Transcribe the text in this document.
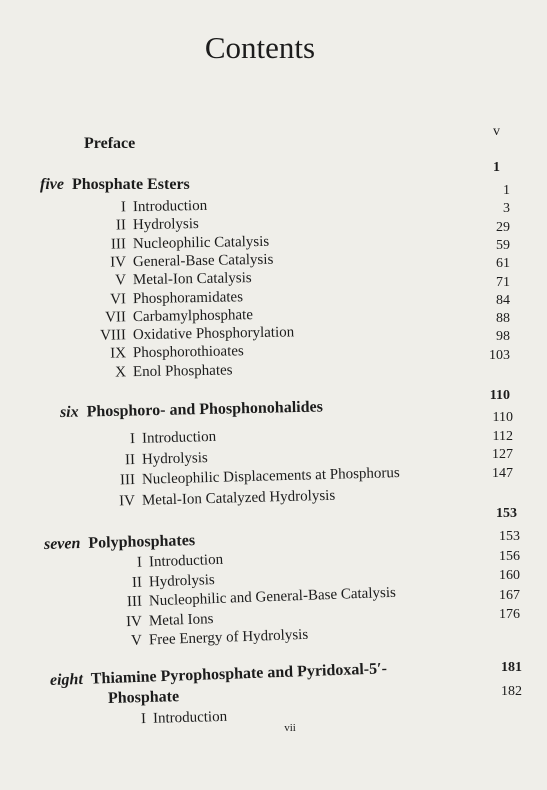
Contents
Preface
v
1
five Phosphate Esters
I Introduction
1
II Hydrolysis
3
III Nucleophilic Catalysis
29
IV General-Base Catalysis
59
V Metal-Ion Catalysis
61
VI Phosphoramidates
71
VII Carbamylphosphate
84
VIII Oxidative Phosphorylation
88
IX Phosphorothioates
98
X Enol Phosphates
103
110
six Phosphoro- and Phosphonohalides
I Introduction
110
II Hydrolysis
112
III Nucleophilic Displacements at Phosphorus
127
IV Metal-Ion Catalyzed Hydrolysis
147
153
seven Polyphosphates
I Introduction
153
II Hydrolysis
156
III Nucleophilic and General-Base Catalysis
160
IV Metal Ions
167
V Free Energy of Hydrolysis
176
181
eight Thiamine Pyrophosphate and Pyridoxal-5′-
Phosphate
I Introduction
182
vii
